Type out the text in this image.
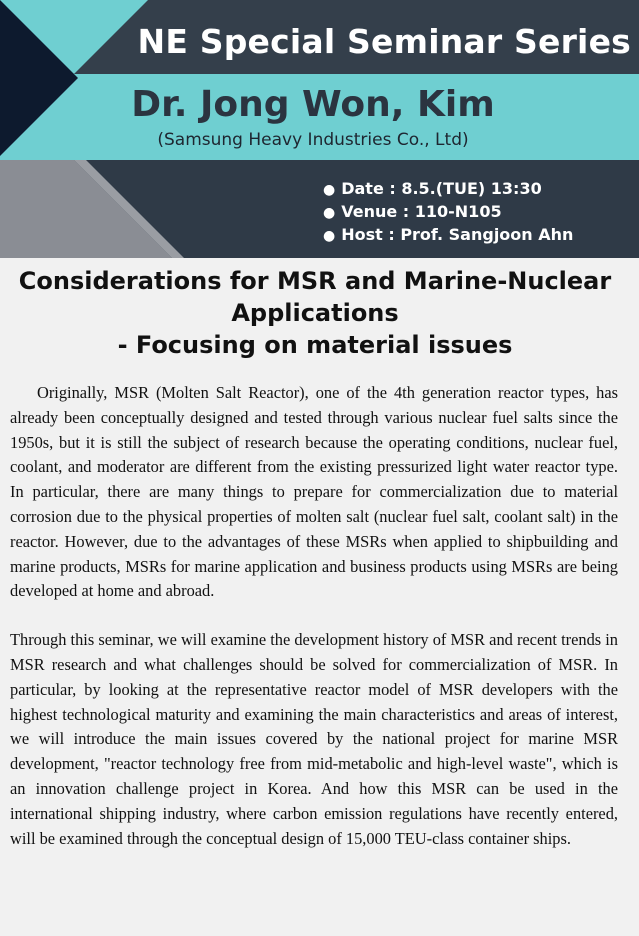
NE Special Seminar Series
Dr. Jong Won, Kim
(Samsung Heavy Industries Co., Ltd)
● Date : 8.5.(TUE) 13:30
● Venue : 110-N105
● Host : Prof. Sangjoon Ahn
Considerations for MSR and Marine-Nuclear Applications
- Focusing on material issues

Originally, MSR (Molten Salt Reactor), one of the 4th generation reactor types, has already been conceptually designed and tested through various nuclear fuel salts since the 1950s, but it is still the subject of research because the operating conditions, nuclear fuel, coolant, and moderator are different from the existing pressurized light water reactor type. In particular, there are many things to prepare for commercialization due to material corrosion due to the physical properties of molten salt (nuclear fuel salt, coolant salt) in the reactor. However, due to the advantages of these MSRs when applied to shipbuilding and marine products, MSRs for marine application and business products using MSRs are being developed at home and abroad.

Through this seminar, we will examine the development history of MSR and recent trends in MSR research and what challenges should be solved for commercialization of MSR. In particular, by looking at the representative reactor model of MSR developers with the highest technological maturity and examining the main characteristics and areas of interest, we will introduce the main issues covered by the national project for marine MSR development, "reactor technology free from mid-metabolic and high-level waste", which is an innovation challenge project in Korea. And how this MSR can be used in the international shipping industry, where carbon emission regulations have recently entered, will be examined through the conceptual design of 15,000 TEU-class container ships.
